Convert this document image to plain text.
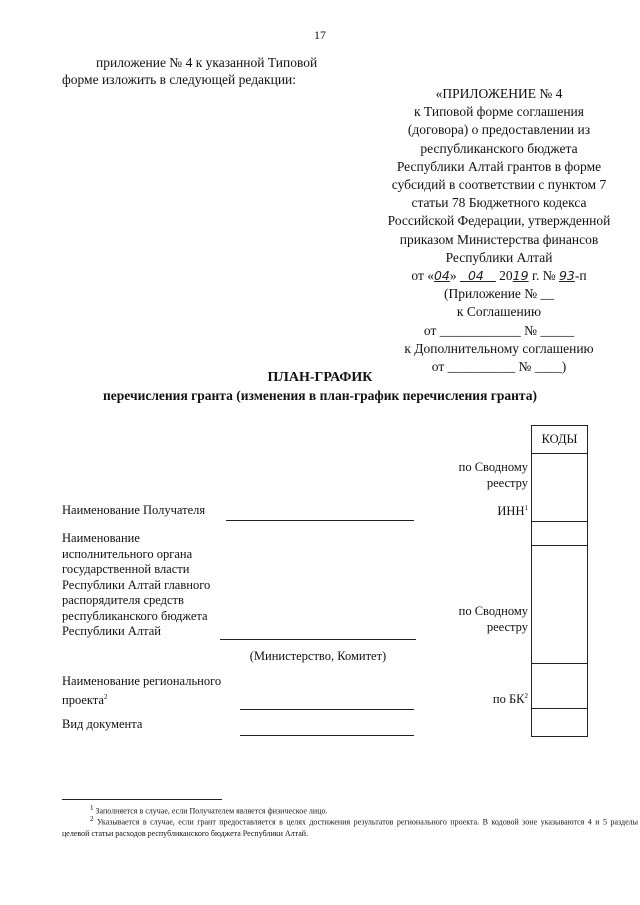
17
приложение № 4 к указанной Типовой
форме изложить в следующей редакции:
«ПРИЛОЖЕНИЕ № 4
к Типовой форме соглашения
(договора) о предоставлении из
республиканского бюджета
Республики Алтай грантов в форме
субсидий в соответствии с пунктом 7
статьи 78 Бюджетного кодекса
Российской Федерации, утвержденной
приказом Министерства финансов
Республики Алтай
от «04» 04 2019 г. № 93-п
(Приложение № __
к Соглашению
от ____________ № _____
к Дополнительному соглашению
от __________ № ____)
ПЛАН-ГРАФИК
перечисления гранта (изменения в план-график перечисления гранта)
КОДЫ
по Сводному реестру
ИНН$^1$
по Сводному реестру
по $БК^2$
Наименование Получателя
Наименование исполнительного органа государственной власти Республики Алтай главного распорядителя средств республиканского бюджета Республики Алтай
(Министерство, Комитет)
Наименование регионального проекта$^2$
Вид документа
$^1$ Заполняется в случае, если Получателем является физическое лицо.
$^2$ Указывается в случае, если грант предоставляется в целях достижения результатов регионального проекта. В кодовой зоне указываются 4 и 5 разделы целевой статьи расходов республиканского бюджета Республики Алтай.
